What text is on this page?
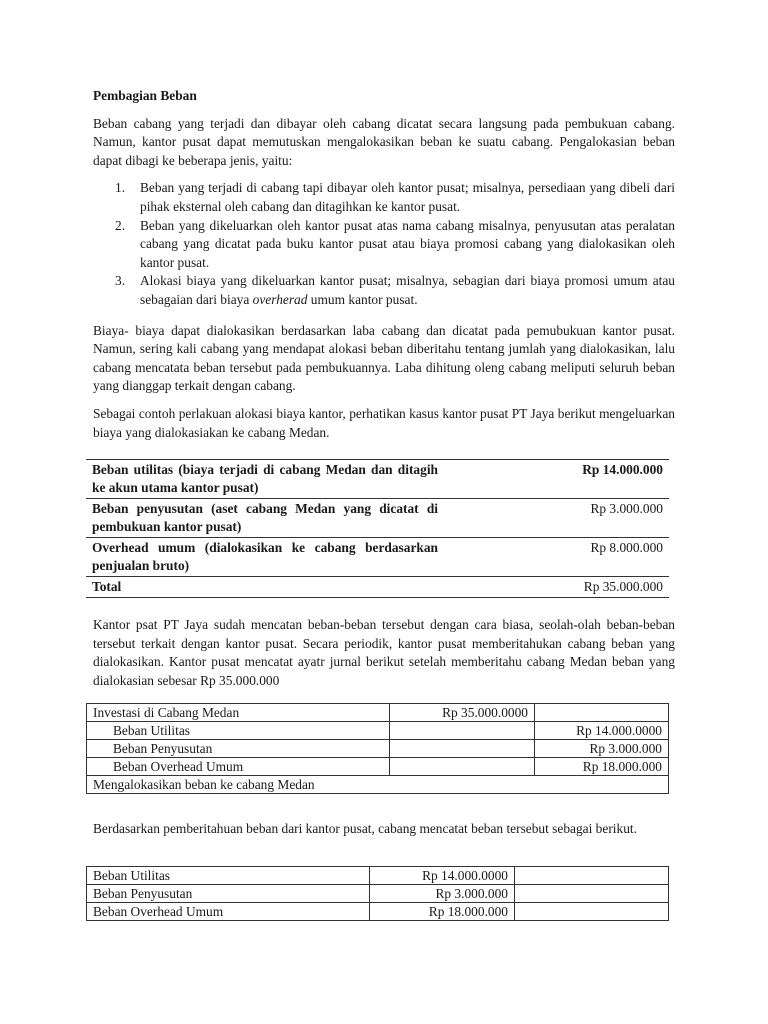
Pembagian Beban

Beban cabang yang terjadi dan dibayar oleh cabang dicatat secara langsung pada pembukuan cabang. Namun, kantor pusat dapat memutuskan mengalokasikan beban ke suatu cabang. Pengalokasian beban dapat dibagi ke beberapa jenis, yaitu:

1. Beban yang terjadi di cabang tapi dibayar oleh kantor pusat; misalnya, persediaan yang dibeli dari pihak eksternal oleh cabang dan ditagihkan ke kantor pusat.
2. Beban yang dikeluarkan oleh kantor pusat atas nama cabang misalnya, penyusutan atas peralatan cabang yang dicatat pada buku kantor pusat atau biaya promosi cabang yang dialokasikan oleh kantor pusat.
3. Alokasi biaya yang dikeluarkan kantor pusat; misalnya, sebagian dari biaya promosi umum atau sebagaian dari biaya overherad umum kantor pusat.

Biaya- biaya dapat dialokasikan berdasarkan laba cabang dan dicatat pada pemubukuan kantor pusat. Namun, sering kali cabang yang mendapat alokasi beban diberitahu tentang jumlah yang dialokasikan, lalu cabang mencatata beban tersebut pada pembukuannya. Laba dihitung oleng cabang meliputi seluruh beban yang dianggap terkait dengan cabang.

Sebagai contoh perlakuan alokasi biaya kantor, perhatikan kasus kantor pusat PT Jaya berikut mengeluarkan biaya yang dialokasiakan ke cabang Medan.

Beban utilitas (biaya terjadi di cabang Medan dan ditagih ke akun utama kantor pusat)	Rp 14.000.000
Beban penyusutan (aset cabang Medan yang dicatat di pembukuan kantor pusat)	Rp 3.000.000
Overhead umum (dialokasikan ke cabang berdasarkan penjualan bruto)	Rp 8.000.000
Total	Rp 35.000.000

Kantor psat PT Jaya sudah mencatan beban-beban tersebut dengan cara biasa, seolah-olah beban-beban tersebut terkait dengan kantor pusat. Secara periodik, kantor pusat memberitahukan cabang beban yang dialokasikan. Kantor pusat mencatat ayatr jurnal berikut setelah memberitahu cabang Medan beban yang dialokasian sebesar Rp 35.000.000

Investasi di Cabang Medan	Rp 35.000.0000	
Beban Utilitas		Rp 14.000.0000
Beban Penyusutan		Rp 3.000.000
Beban Overhead Umum		Rp 18.000.000
Mengalokasikan beban ke cabang Medan		

Berdasarkan pemberitahuan beban dari kantor pusat, cabang mencatat beban tersebut sebagai berikut.

Beban Utilitas	Rp 14.000.0000	
Beban Penyusutan	Rp 3.000.000	
Beban Overhead Umum	Rp 18.000.000	
